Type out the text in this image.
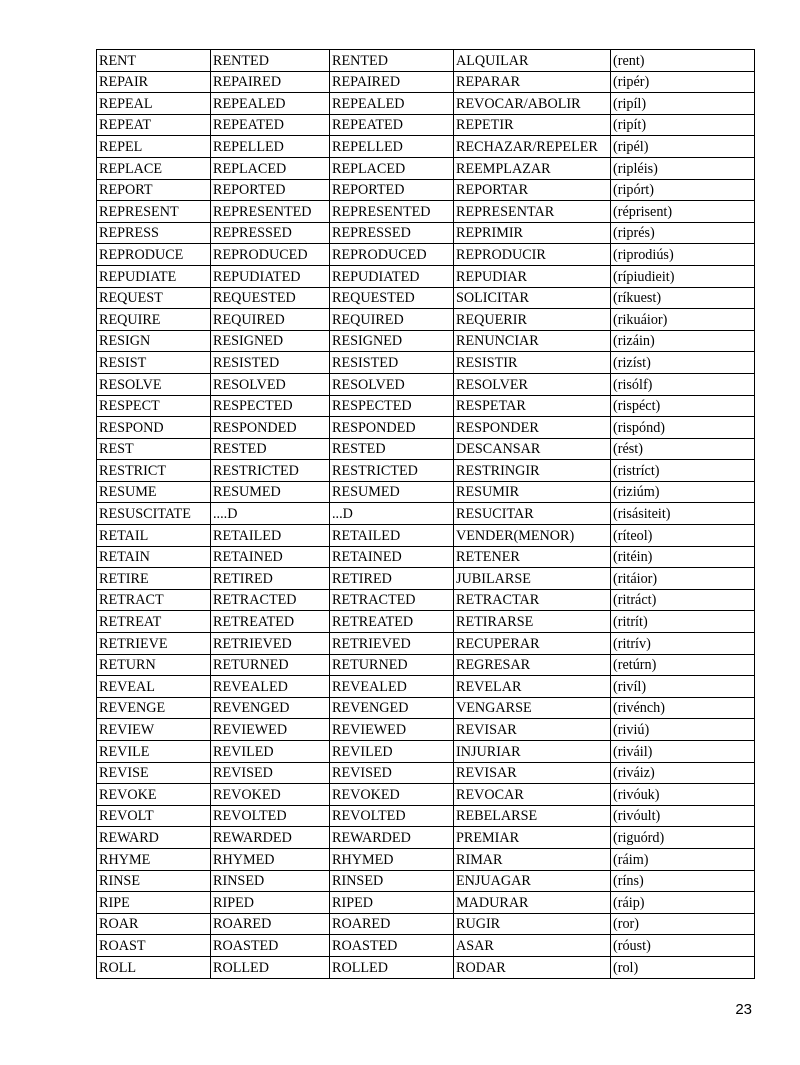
RENT	RENTED	RENTED	ALQUILAR	(rent)
REPAIR	REPAIRED	REPAIRED	REPARAR	(ripér)
REPEAL	REPEALED	REPEALED	REVOCAR/ABOLIR	(ripíl)
REPEAT	REPEATED	REPEATED	REPETIR	(ripít)
REPEL	REPELLED	REPELLED	RECHAZAR/REPELER	(ripél)
REPLACE	REPLACED	REPLACED	REEMPLAZAR	(ripléis)
REPORT	REPORTED	REPORTED	REPORTAR	(ripórt)
REPRESENT	REPRESENTED	REPRESENTED	REPRESENTAR	(réprisent)
REPRESS	REPRESSED	REPRESSED	REPRIMIR	(riprés)
REPRODUCE	REPRODUCED	REPRODUCED	REPRODUCIR	(riprodiús)
REPUDIATE	REPUDIATED	REPUDIATED	REPUDIAR	(rípiudieit)
REQUEST	REQUESTED	REQUESTED	SOLICITAR	(ríkuest)
REQUIRE	REQUIRED	REQUIRED	REQUERIR	(rikuáior)
RESIGN	RESIGNED	RESIGNED	RENUNCIAR	(rizáin)
RESIST	RESISTED	RESISTED	RESISTIR	(rizíst)
RESOLVE	RESOLVED	RESOLVED	RESOLVER	(risólf)
RESPECT	RESPECTED	RESPECTED	RESPETAR	(rispéct)
RESPOND	RESPONDED	RESPONDED	RESPONDER	(rispónd)
REST	RESTED	RESTED	DESCANSAR	(rést)
RESTRICT	RESTRICTED	RESTRICTED	RESTRINGIR	(ristríct)
RESUME	RESUMED	RESUMED	RESUMIR	(riziúm)
RESUSCITATE	....D	...D	RESUCITAR	(risásiteit)
RETAIL	RETAILED	RETAILED	VENDER(MENOR)	(ríteol)
RETAIN	RETAINED	RETAINED	RETENER	(ritéin)
RETIRE	RETIRED	RETIRED	JUBILARSE	(ritáior)
RETRACT	RETRACTED	RETRACTED	RETRACTAR	(ritráct)
RETREAT	RETREATED	RETREATED	RETIRARSE	(ritrít)
RETRIEVE	RETRIEVED	RETRIEVED	RECUPERAR	(ritrív)
RETURN	RETURNED	RETURNED	REGRESAR	(retúrn)
REVEAL	REVEALED	REVEALED	REVELAR	(rivíl)
REVENGE	REVENGED	REVENGED	VENGARSE	(rivénch)
REVIEW	REVIEWED	REVIEWED	REVISAR	(riviú)
REVILE	REVILED	REVILED	INJURIAR	(riváil)
REVISE	REVISED	REVISED	REVISAR	(riváiz)
REVOKE	REVOKED	REVOKED	REVOCAR	(rivóuk)
REVOLT	REVOLTED	REVOLTED	REBELARSE	(rivóult)
REWARD	REWARDED	REWARDED	PREMIAR	(riguórd)
RHYME	RHYMED	RHYMED	RIMAR	(ráim)
RINSE	RINSED	RINSED	ENJUAGAR	(ríns)
RIPE	RIPED	RIPED	MADURAR	(ráip)
ROAR	ROARED	ROARED	RUGIR	(ror)
ROAST	ROASTED	ROASTED	ASAR	(róust)
ROLL	ROLLED	ROLLED	RODAR	(rol)
23
